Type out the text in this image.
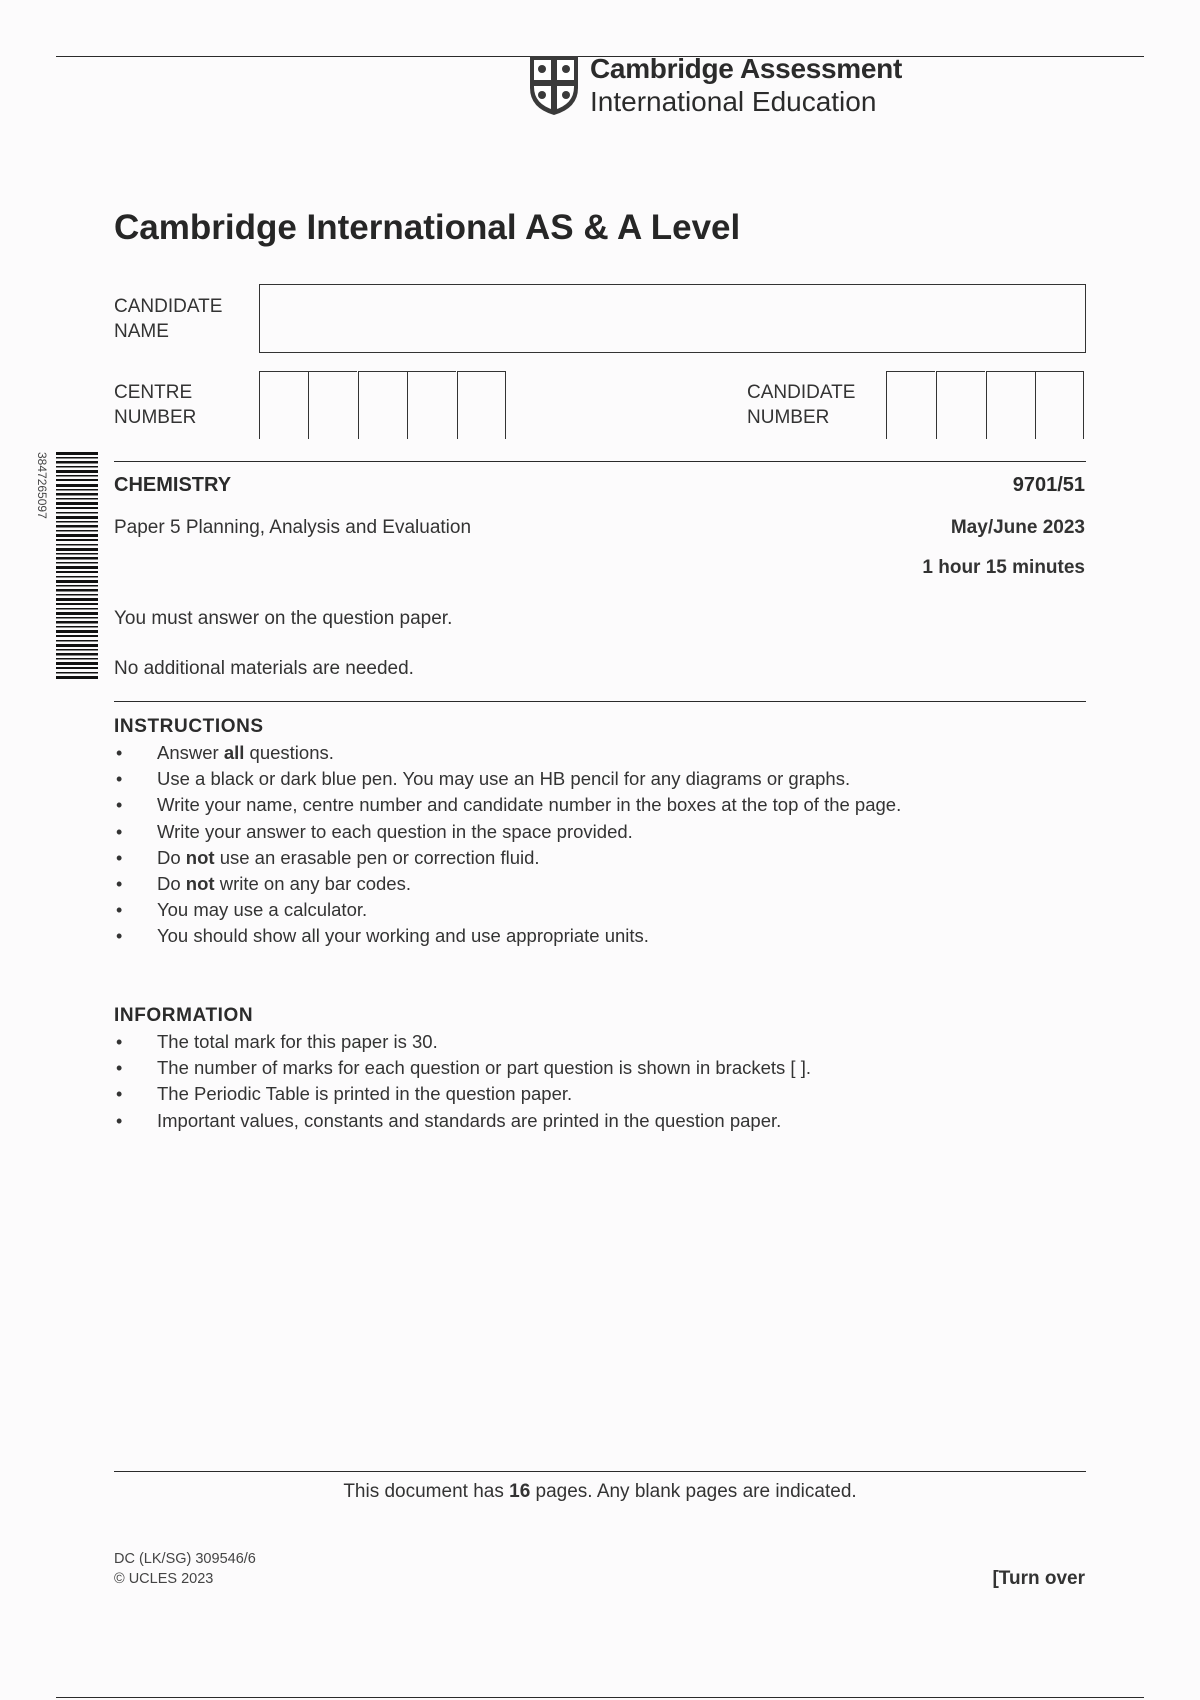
Cambridge Assessment
International Education
Cambridge International AS & A Level
CANDIDATE
NAME
CENTRE
NUMBER
CANDIDATE
NUMBER
3847265097	CHEMISTRY	9701/51
Paper 5 Planning, Analysis and Evaluation	May/June 2023
1 hour 15 minutes
You must answer on the question paper.
No additional materials are needed.
INSTRUCTIONS
• Answer all questions.
• Use a black or dark blue pen. You may use an HB pencil for any diagrams or graphs.
• Write your name, centre number and candidate number in the boxes at the top of the page.
• Write your answer to each question in the space provided.
• Do not use an erasable pen or correction fluid.
• Do not write on any bar codes.
• You may use a calculator.
• You should show all your working and use appropriate units.
INFORMATION
• The total mark for this paper is 30.
• The number of marks for each question or part question is shown in brackets [ ].
• The Periodic Table is printed in the question paper.
• Important values, constants and standards are printed in the question paper.
This document has 16 pages. Any blank pages are indicated.
DC (LK/SG) 309546/6
© UCLES 2023	[Turn over
